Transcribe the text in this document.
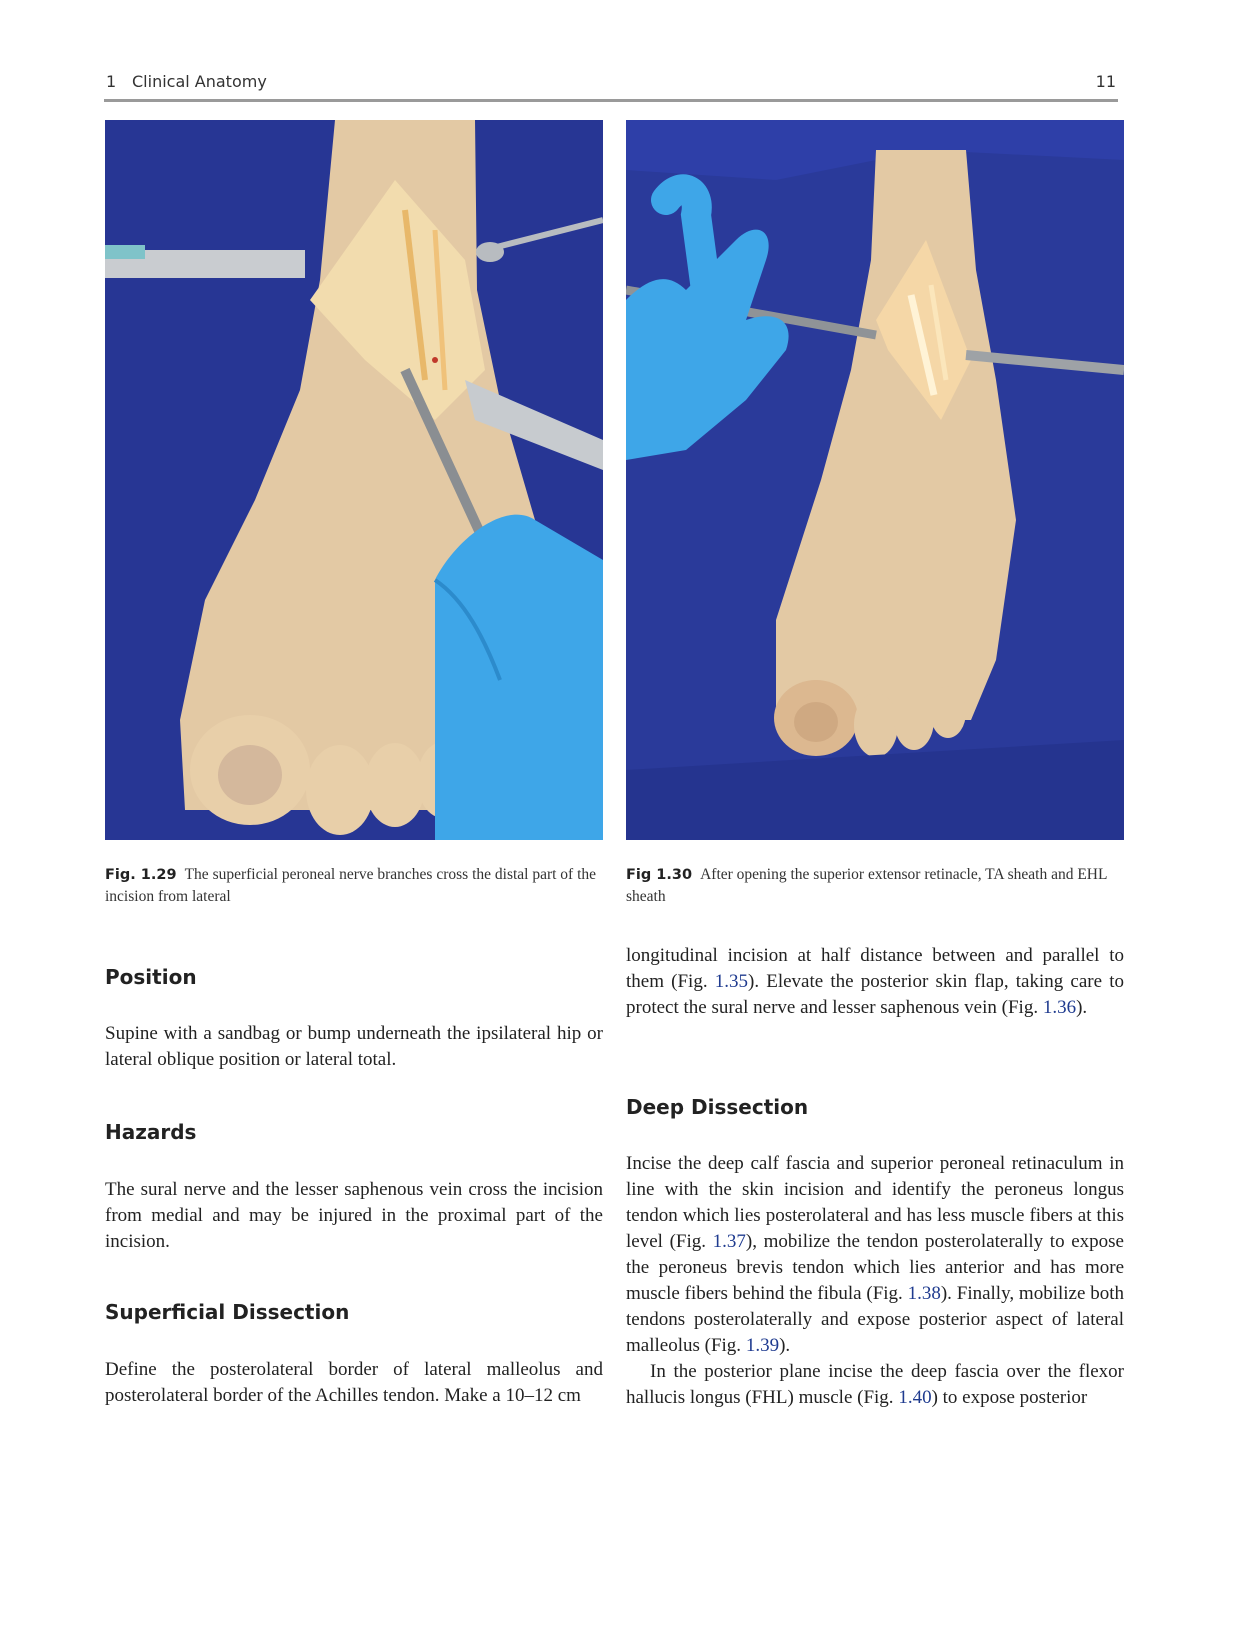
1 Clinical Anatomy	11
Fig. 1.29 The superficial peroneal nerve branches cross the distal part of the incision from lateral
Fig 1.30 After opening the superior extensor retinacle, TA sheath and EHL sheath
Position

Supine with a sandbag or bump underneath the ipsilateral hip or lateral oblique position or lateral total.

Hazards

The sural nerve and the lesser saphenous vein cross the incision from medial and may be injured in the proximal part of the incision.

Superficial Dissection

Define the posterolateral border of lateral malleolus and posterolateral border of the Achilles tendon. Make a 10–12 cm

longitudinal incision at half distance between and parallel to them (Fig. 1.35). Elevate the posterior skin flap, taking care to protect the sural nerve and lesser saphenous vein (Fig. 1.36).

Deep Dissection

Incise the deep calf fascia and superior peroneal retinaculum in line with the skin incision and identify the peroneus longus tendon which lies posterolateral and has less muscle fibers at this level (Fig. 1.37), mobilize the tendon posterolaterally to expose the peroneus brevis tendon which lies anterior and has more muscle fibers behind the fibula (Fig. 1.38). Finally, mobilize both tendons posterolaterally and expose posterior aspect of lateral malleolus (Fig. 1.39).

In the posterior plane incise the deep fascia over the flexor hallucis longus (FHL) muscle (Fig. 1.40) to expose posterior
